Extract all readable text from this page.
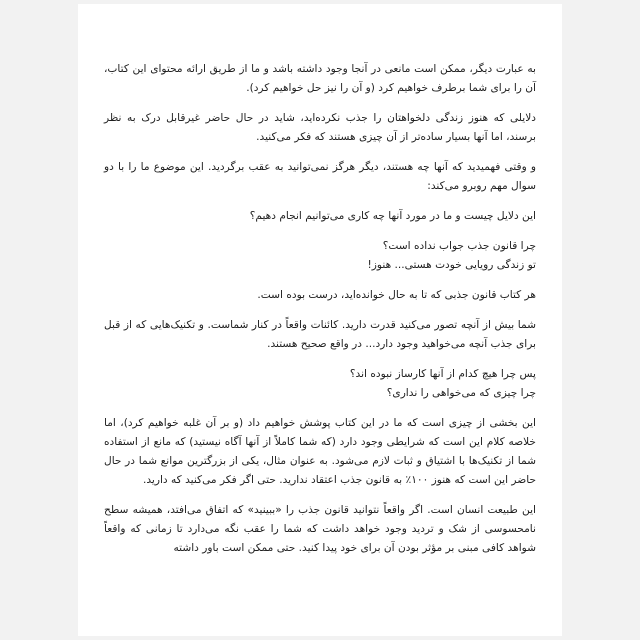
به عبارت دیگر، ممکن است مانعی در آنجا وجود داشته باشد و ما از طریق ارائه محتوای این کتاب، آن را برای شما برطرف خواهیم کرد (و آن را نیز حل خواهیم کرد).

دلایلی که هنوز زندگی دلخواهتان را جذب نکرده‌اید، شاید در حال حاضر غیرقابل درک به نظر برسند، اما آنها بسیار ساده‌تر از آن چیزی هستند که فکر می‌کنید.

و وقتی فهمیدید که آنها چه هستند، دیگر هرگز نمی‌توانید به عقب برگردید. این موضوع ما را با دو سوال مهم روبرو می‌کند:

این دلایل چیست و ما در مورد آنها چه کاری می‌توانیم انجام دهیم؟

چرا قانون جذب جواب نداده است؟
تو زندگی رویایی خودت هستی... هنوز!

هر کتاب قانون جذبی که تا به حال خوانده‌اید، درست بوده است.

شما بیش از آنچه تصور می‌کنید قدرت دارید. کائنات واقعاً در کنار شماست. و تکنیک‌هایی که از قبل برای جذب آنچه می‌خواهید وجود دارد... در واقع صحیح هستند.

پس چرا هیچ کدام از آنها کارساز نبوده اند؟
چرا چیزی که می‌خواهی را نداری؟

این بخشی از چیزی است که ما در این کتاب پوشش خواهیم داد (و بر آن غلبه خواهیم کرد)، اما خلاصه کلام این است که شرایطی وجود دارد (که شما کاملاً از آنها آگاه نیستید) که مانع از استفاده شما از تکنیک‌ها با اشتیاق و ثبات لازم می‌شود. به عنوان مثال، یکی از بزرگترین موانع شما در حال حاضر این است که هنوز ۱۰۰٪ به قانون جذب اعتقاد ندارید. حتی اگر فکر می‌کنید که دارید.

این طبیعت انسان است. اگر واقعاً نتوانید قانون جذب را «ببینید» که اتفاق می‌افتد، همیشه سطح نامحسوسی از شک و تردید وجود خواهد داشت که شما را عقب نگه می‌دارد تا زمانی که واقعاً شواهد کافی مبنی بر مؤثر بودن آن برای خود پیدا کنید. حتی ممکن است باور داشته
